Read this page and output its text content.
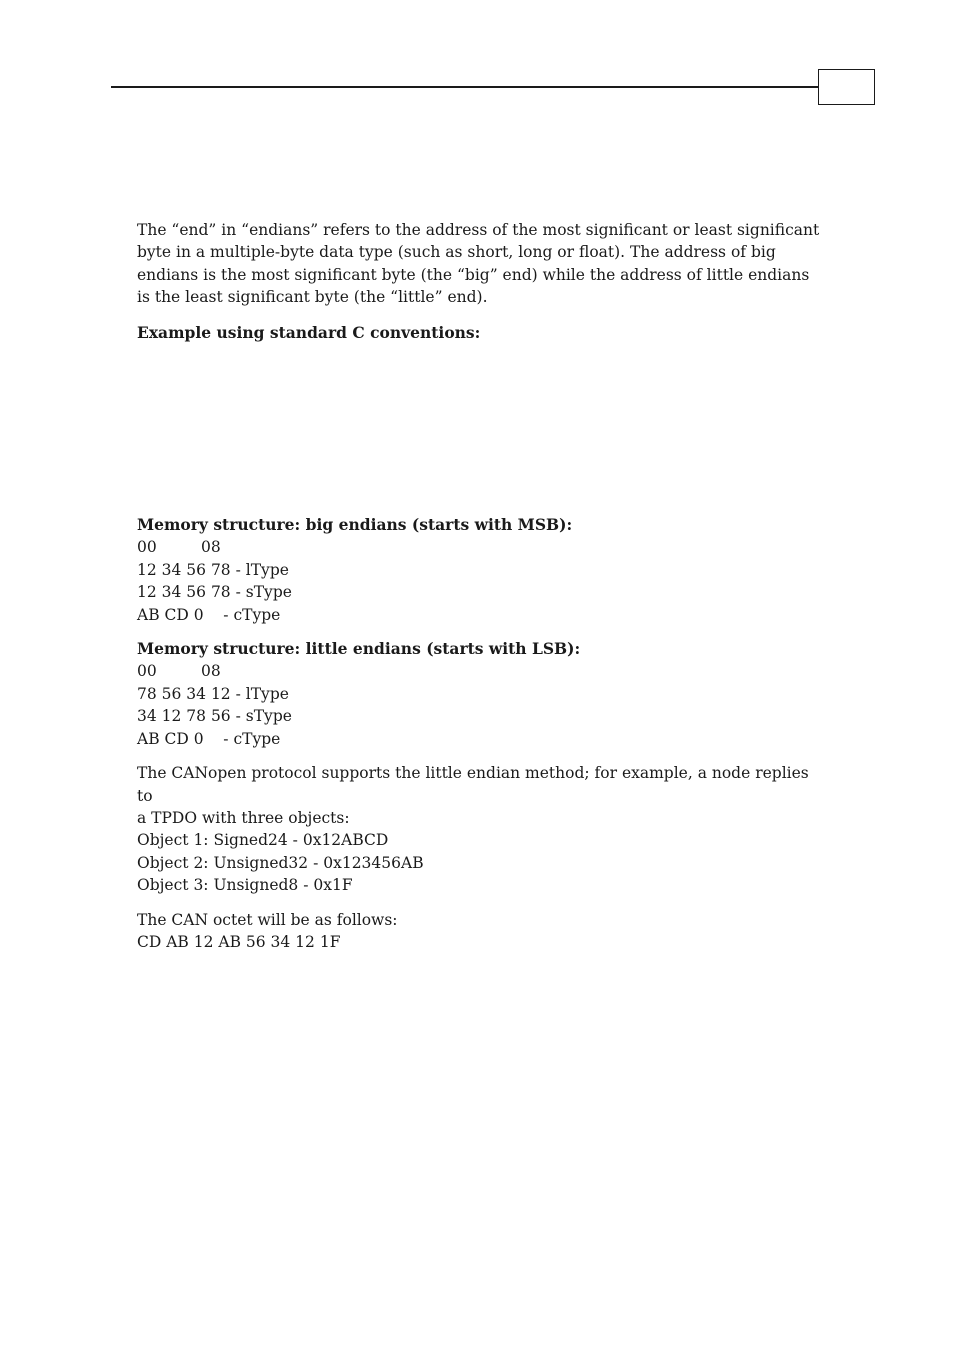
The “end” in “endians” refers to the address of the most significant or least significant byte in a multiple-byte data type (such as short, long or float). The address of big endians is the most significant byte (the “big” end) while the address of little endians is the least significant byte (the “little” end).

Example using standard C conventions:

Memory structure: big endians (starts with MSB):

00	08

12 34 56 78 - lType

12 34 56 78 - sType

AB CD 0    - cType

Memory structure: little endians (starts with LSB):

00	08

78 56 34 12 - lType

34 12 78 56 - sType

AB CD 0    - cType

The CANopen protocol supports the little endian method; for example, a node replies to

a TPDO with three objects:

Object 1: Signed24 - 0x12ABCD

Object 2: Unsigned32 - 0x123456AB

Object 3: Unsigned8 - 0x1F

The CAN octet will be as follows:

CD AB 12 AB 56 34 12 1F
